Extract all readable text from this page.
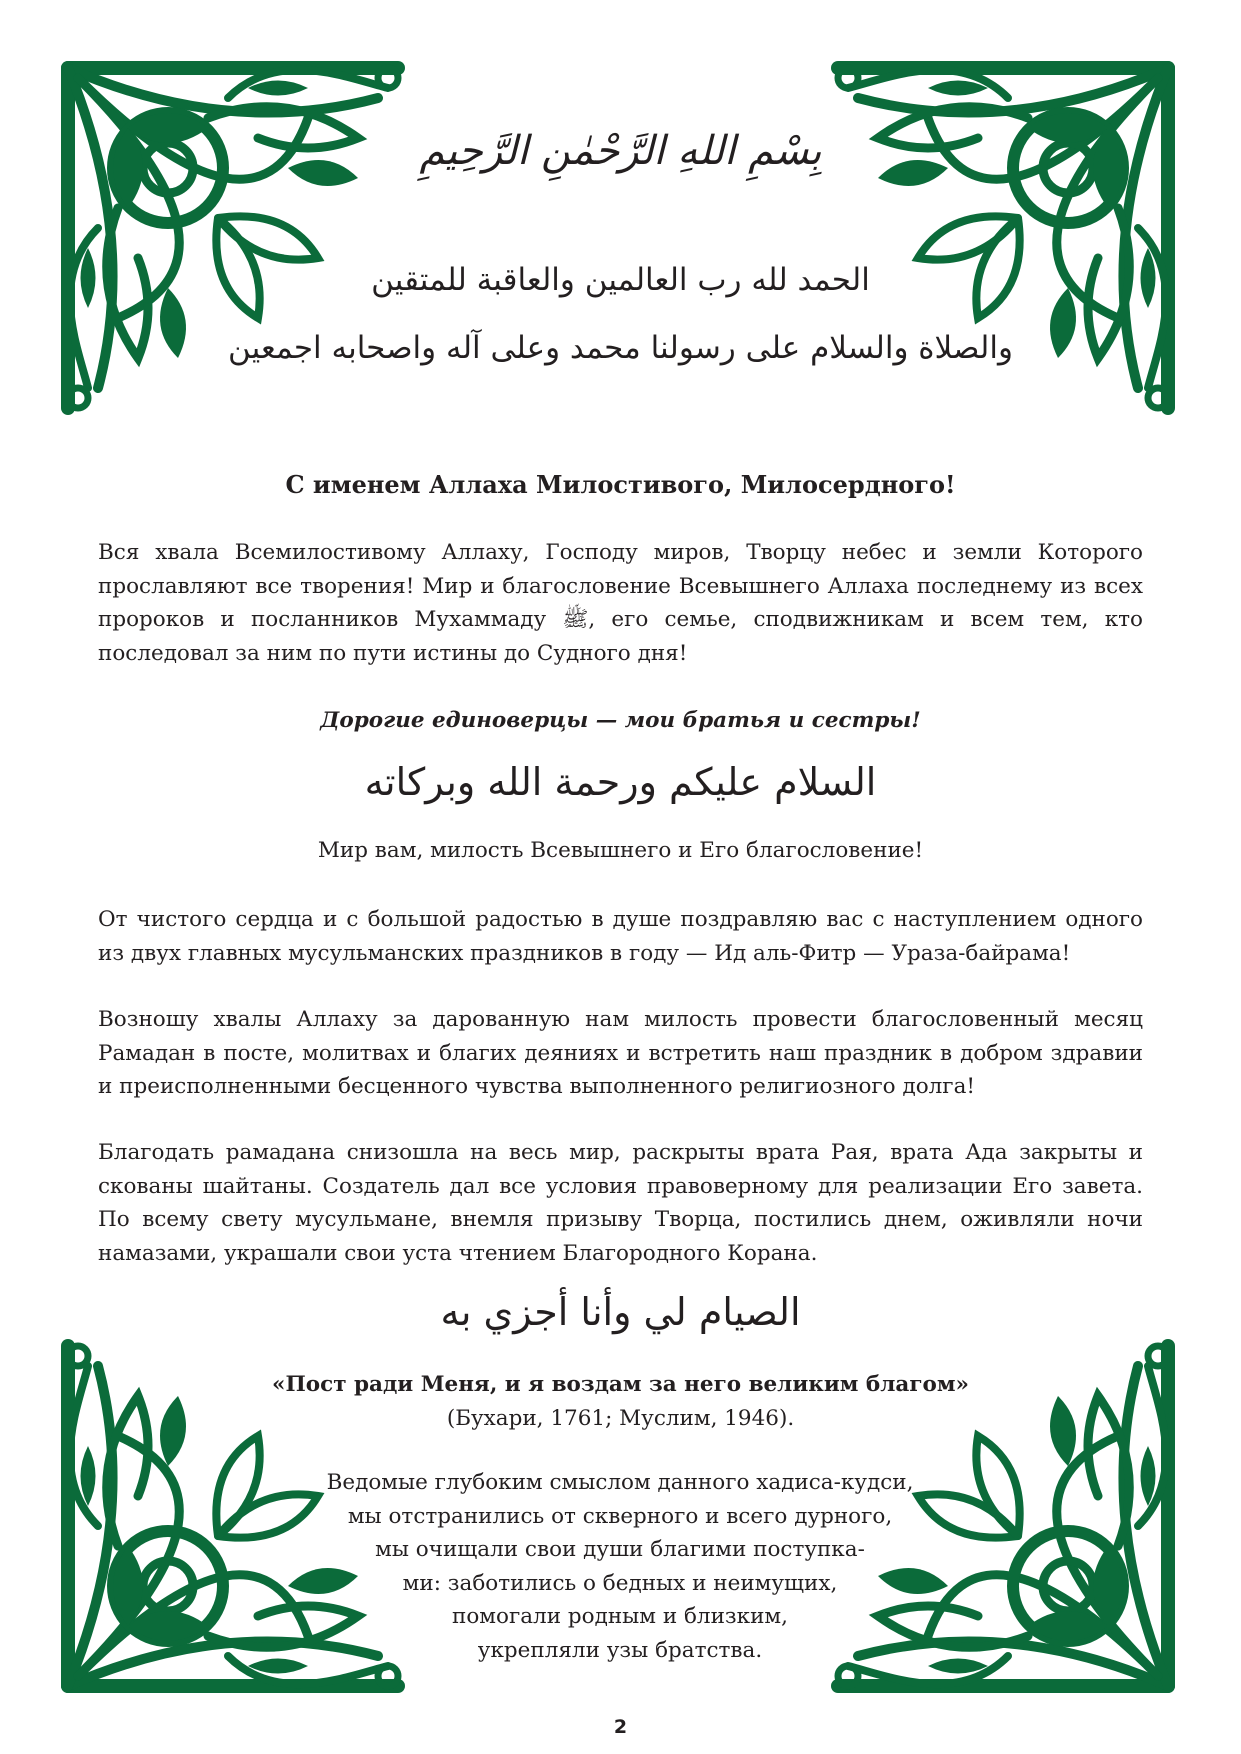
بِسْمِ اللهِ الرَّحْمٰنِ الرَّحِيمِ
الحمد لله رب العالمين والعاقبة للمتقين
والصلاة والسلام على رسولنا محمد وعلى آله واصحابه اجمعين
С именем Аллаха Милостивого, Милосердного!

Вся хвала Всемилостивому Аллаху, Господу миров, Творцу небес и земли Которого прославляют все творения! Мир и благословение Всевышнего Аллаха последнему из всех пророков и посланников Мухаммаду ﷺ, его семье, сподвижникам и всем тем, кто последовал за ним по пути истины до Судного дня!

Дорогие единоверцы — мои братья и сестры!
السلام عليكم ورحمة الله وبركاته
Мир вам, милость Всевышнего и Его благословение!

От чистого сердца и с большой радостью в душе поздравляю вас с наступлением одного из двух главных мусульманских праздников в году — Ид аль-Фитр — Ураза-байрама!

Возношу хвалы Аллаху за дарованную нам милость провести благословенный месяц Рамадан в посте, молитвах и благих деяниях и встретить наш праздник в добром здравии и преисполненными бесценного чувства выполненного религиозного долга!

Благодать рамадана снизошла на весь мир, раскрыты врата Рая, врата Ада закрыты и скованы шайтаны. Создатель дал все условия правоверному для реализации Его завета. По всему свету мусульмане, внемля призыву Творца, постились днем, оживляли ночи намазами, украшали свои уста чтением Благородного Корана.

الصيام لي وأنا أجزي به
«Пост ради Меня, и я воздам за него великим благом»
(Бухари, 1761; Муслим, 1946).
Ведомые глубоким смыслом данного хадиса-кудси,
мы отстранились от скверного и всего дурного,
мы очищали свои души благими поступка-
ми: заботились о бедных и неимущих,
помогали родным и близким,
укрепляли узы братства.
2
